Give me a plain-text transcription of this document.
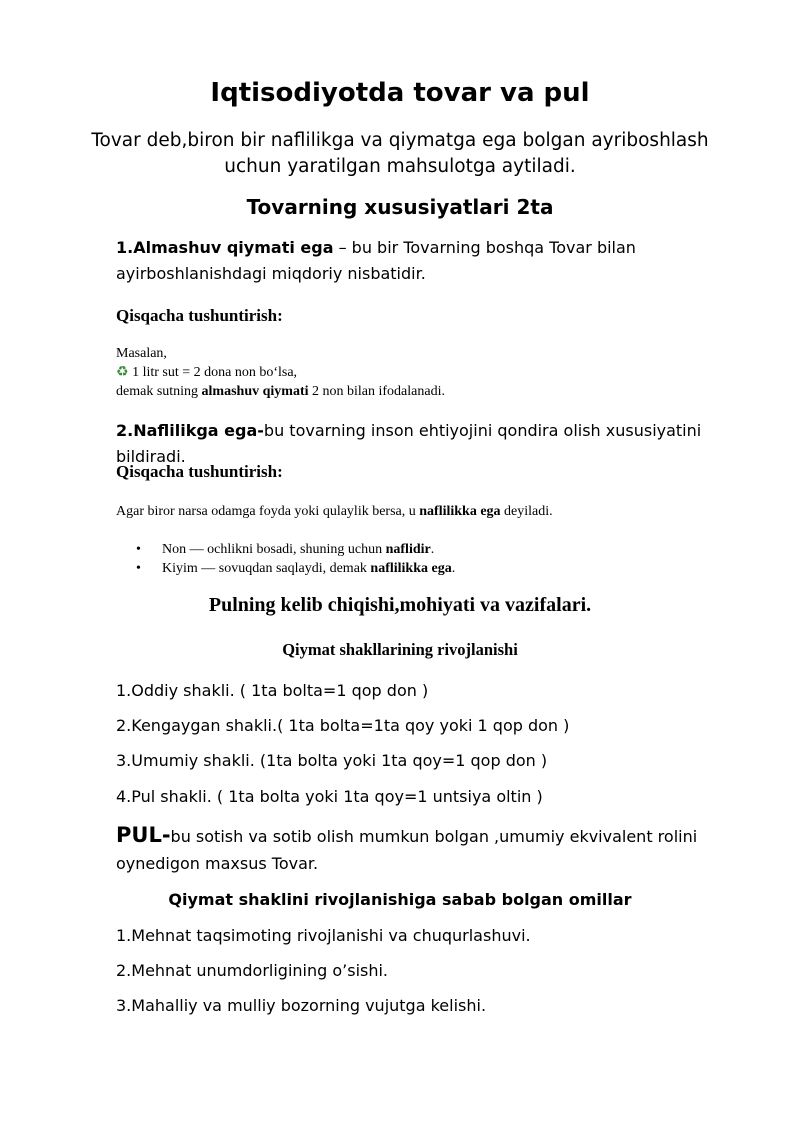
Iqtisodiyotda tovar va pul
Tovar deb,biron bir naflilikga va qiymatga ega bolgan ayriboshlash
uchun yaratilgan mahsulotga aytiladi.
Tovarning xususiyatlari 2ta

1.Almashuv qiymati ega – bu bir Tovarning boshqa Tovar bilan ayirboshlanishdagi miqdoriy nisbatidir.

Qisqacha tushuntirish:
Masalan,
♻ 1 litr sut = 2 dona non bo‘lsa,
demak sutning almashuv qiymati 2 non bilan ifodalanadi.

2.Naflilikga ega-bu tovarning inson ehtiyojini qondira olish xususiyatini bildiradi.

Qisqacha tushuntirish:
Agar biror narsa odamga foyda yoki qulaylik bersa, u naflilikka ega deyiladi.
• Non — ochlikni bosadi, shuning uchun naflidir.
• Kiyim — sovuqdan saqlaydi, demak naflilikka ega.
Pulning kelib chiqishi,mohiyati va vazifalari.
Qiymat shakllarining rivojlanishi
1.Oddiy shakli. ( 1ta bolta=1 qop don )
2.Kengaygan shakli.( 1ta bolta=1ta qoy yoki 1 qop don )
3.Umumiy shakli. (1ta bolta yoki 1ta qoy=1 qop don )
4.Pul shakli. ( 1ta bolta yoki 1ta qoy=1 untsiya oltin )
PUL-bu sotish va sotib olish mumkun bolgan ,umumiy ekvivalent rolini
oynedigon maxsus Tovar.
Qiymat shaklini rivojlanishiga sabab bolgan omillar
1.Mehnat taqsimoting rivojlanishi va chuqurlashuvi.
2.Mehnat unumdorligining o’sishi.
3.Mahalliy va mulliy bozorning vujutga kelishi.
